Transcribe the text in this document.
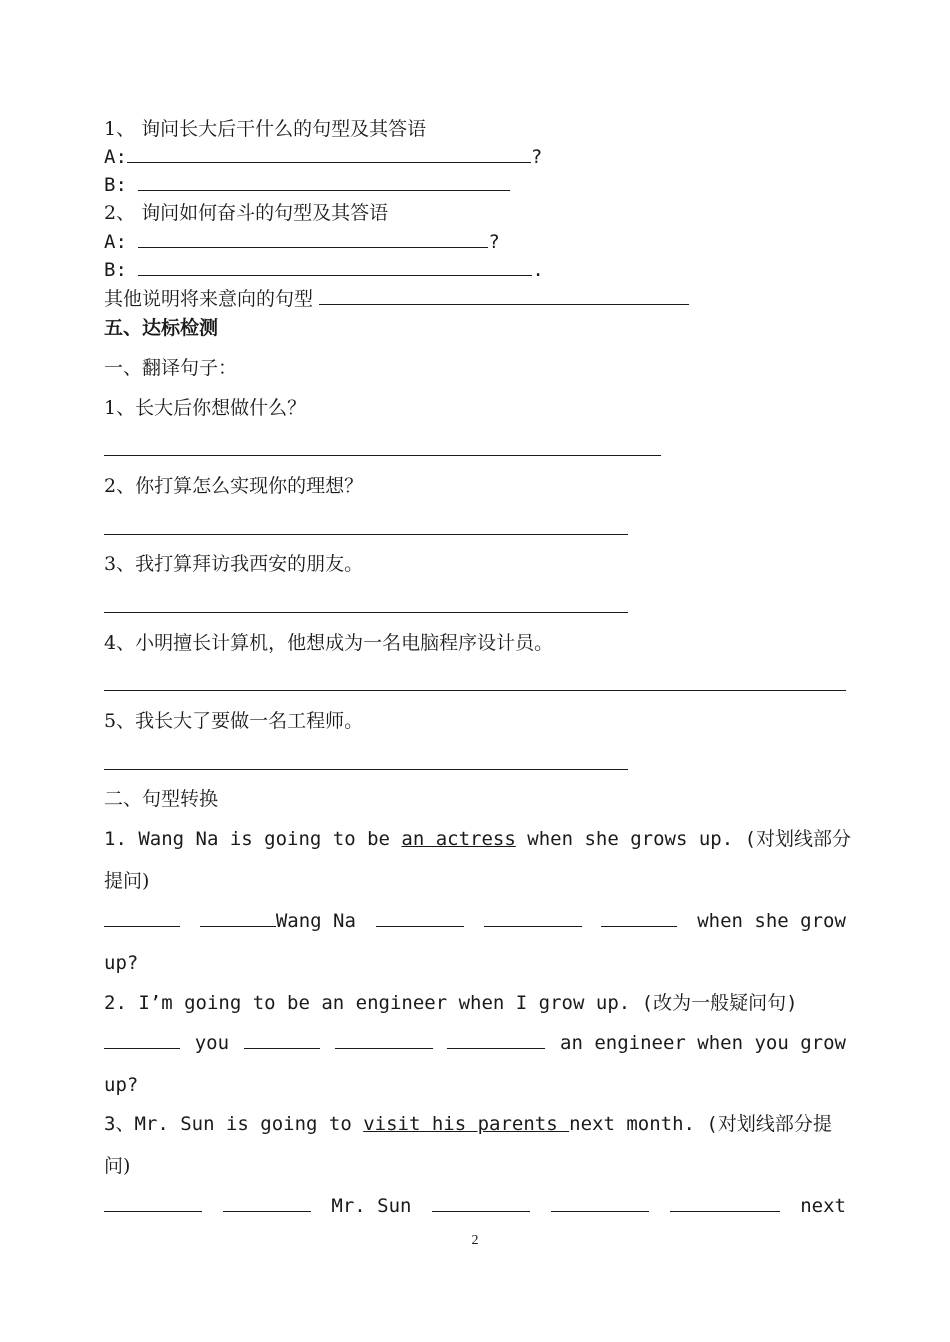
1、 询问长大后干什么的句型及其答语
A:	?
B:
2、 询问如何奋斗的句型及其答语
A:	?
B:	.
其他说明将来意向的句型
五、达标检测
一、翻译句子：
1、长大后你想做什么？
2、你打算怎么实现你的理想？
3、我打算拜访我西安的朋友。
4、小明擅长计算机，他想成为一名电脑程序设计员。
5、我长大了要做一名工程师。
二、句型转换
1. Wang Na is going to be an actress when she grows up. (对划线部分
提问)
Wang Na	when she grow
up?
2. I’m going to be an engineer when I grow up. (改为一般疑问句)
you	an engineer when you grow
up?
3、Mr. Sun is going to visit his parents next month. (对划线部分提
问)
Mr. Sun	next
2
